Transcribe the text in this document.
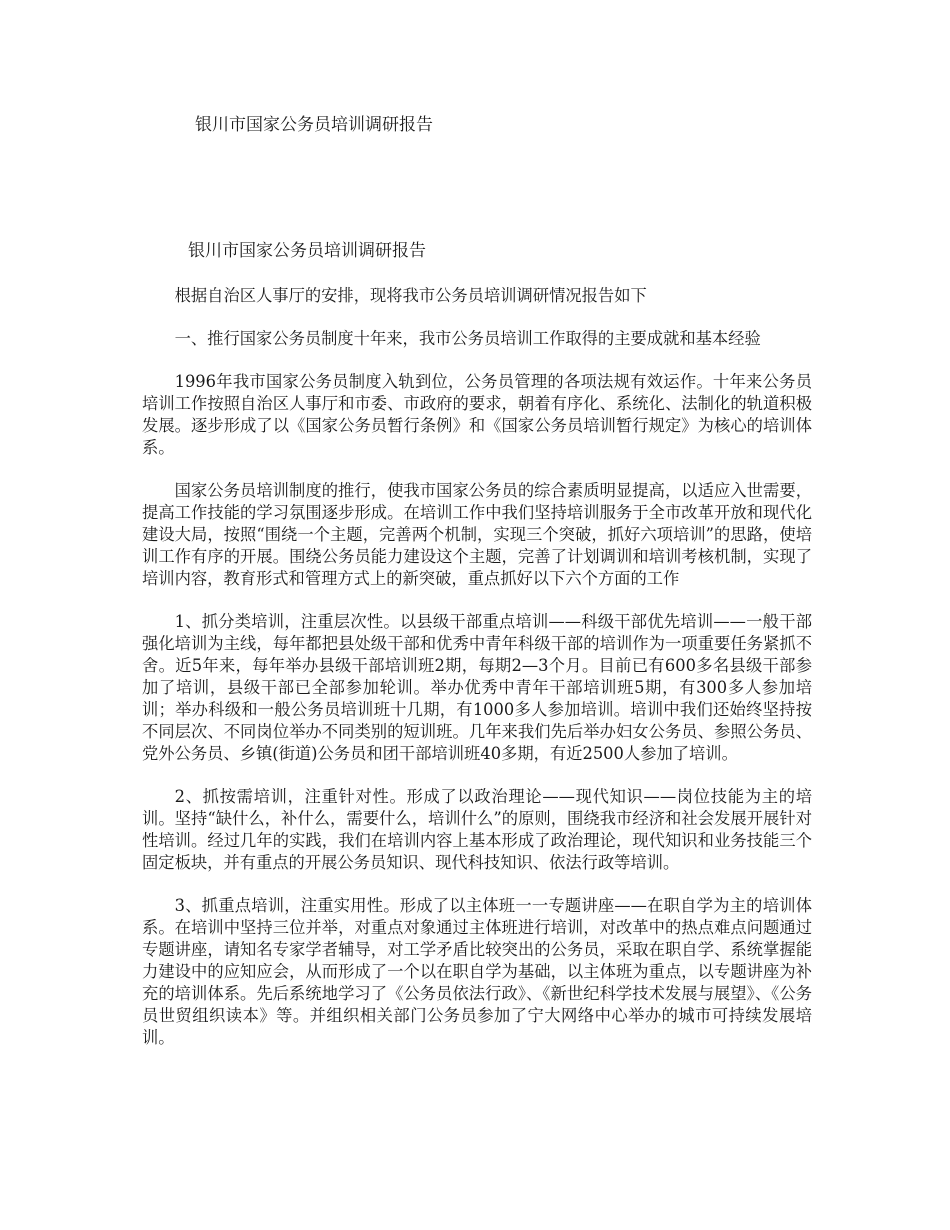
银川市国家公务员培训调研报告
银川市国家公务员培训调研报告

根据自治区人事厅的安排，现将我市公务员培训调研情况报告如下

一、推行国家公务员制度十年来，我市公务员培训工作取得的主要成就和基本经验

1996年我市国家公务员制度入轨到位，公务员管理的各项法规有效运作。十年来公务员培训工作按照自治区人事厅和市委、市政府的要求，朝着有序化、系统化、法制化的轨道积极发展。逐步形成了以《国家公务员暂行条例》和《国家公务员培训暂行规定》为核心的培训体系。

国家公务员培训制度的推行，使我市国家公务员的综合素质明显提高，以适应入世需要，提高工作技能的学习氛围逐步形成。在培训工作中我们坚持培训服务于全市改革开放和现代化建设大局，按照“围绕一个主题，完善两个机制，实现三个突破，抓好六项培训”的思路，使培训工作有序的开展。围绕公务员能力建设这个主题，完善了计划调训和培训考核机制，实现了培训内容，教育形式和管理方式上的新突破，重点抓好以下六个方面的工作

1、抓分类培训，注重层次性。以县级干部重点培训——科级干部优先培训——一般干部强化培训为主线，每年都把县处级干部和优秀中青年科级干部的培训作为一项重要任务紧抓不舍。近5年来，每年举办县级干部培训班2期，每期2—3个月。目前已有600多名县级干部参加了培训，县级干部已全部参加轮训。举办优秀中青年干部培训班5期，有300多人参加培训；举办科级和一般公务员培训班十几期，有1000多人参加培训。培训中我们还始终坚持按不同层次、不同岗位举办不同类别的短训班。几年来我们先后举办妇女公务员、参照公务员、党外公务员、乡镇(街道)公务员和团干部培训班40多期，有近2500人参加了培训。

2、抓按需培训，注重针对性。形成了以政治理论——现代知识——岗位技能为主的培训。坚持“缺什么，补什么，需要什么，培训什么”的原则，围绕我市经济和社会发展开展针对性培训。经过几年的实践，我们在培训内容上基本形成了政治理论，现代知识和业务技能三个固定板块，并有重点的开展公务员知识、现代科技知识、依法行政等培训。

3、抓重点培训，注重实用性。形成了以主体班一一专题讲座——在职自学为主的培训体系。在培训中坚持三位并举，对重点对象通过主体班进行培训，对改革中的热点难点问题通过专题讲座，请知名专家学者辅导，对工学矛盾比较突出的公务员，采取在职自学、系统掌握能力建设中的应知应会，从而形成了一个以在职自学为基础，以主体班为重点，以专题讲座为补充的培训体系。先后系统地学习了《公务员依法行政》、《新世纪科学技术发展与展望》、《公务员世贸组织读本》等。并组织相关部门公务员参加了宁大网络中心举办的城市可持续发展培训。
